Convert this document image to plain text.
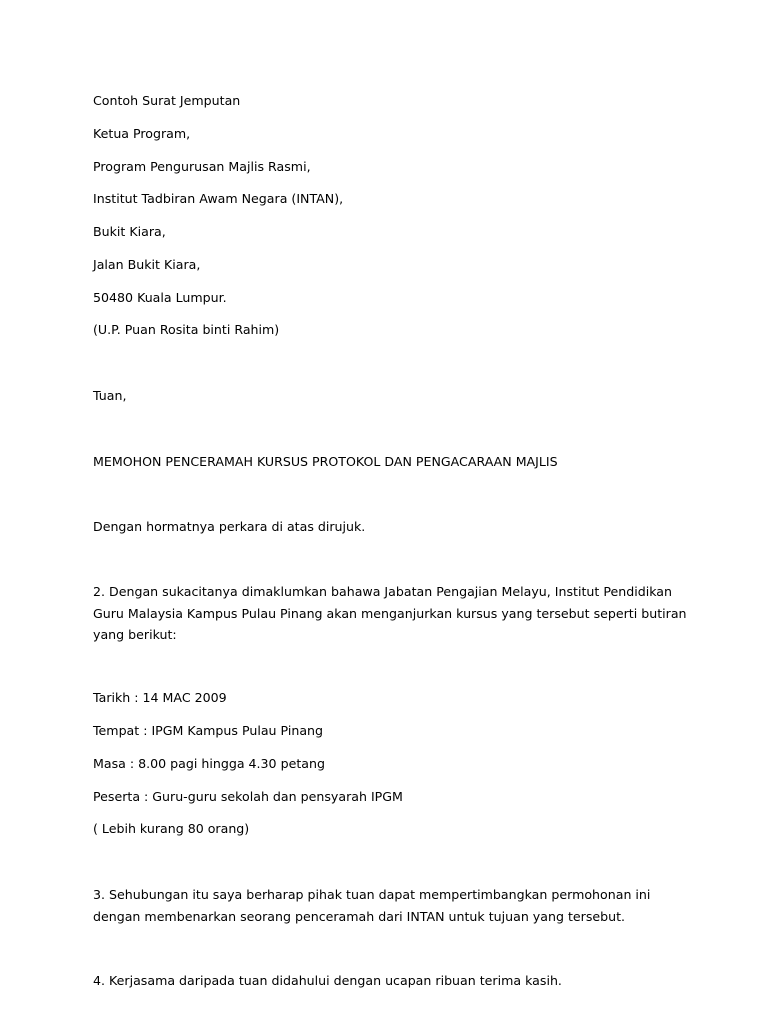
Contoh Surat Jemputan

Ketua Program,

Program Pengurusan Majlis Rasmi,

Institut Tadbiran Awam Negara (INTAN),

Bukit Kiara,

Jalan Bukit Kiara,

50480 Kuala Lumpur.

(U.P. Puan Rosita binti Rahim)

Tuan,

MEMOHON PENCERAMAH KURSUS PROTOKOL DAN PENGACARAAN MAJLIS

Dengan hormatnya perkara di atas dirujuk.

2. Dengan sukacitanya dimaklumkan bahawa Jabatan Pengajian Melayu, Institut Pendidikan Guru Malaysia Kampus Pulau Pinang akan menganjurkan kursus yang tersebut seperti butiran yang berikut:

Tarikh : 14 MAC 2009

Tempat : IPGM Kampus Pulau Pinang

Masa : 8.00 pagi hingga 4.30 petang

Peserta : Guru-guru sekolah dan pensyarah IPGM

( Lebih kurang 80 orang)

3. Sehubungan itu saya berharap pihak tuan dapat mempertimbangkan permohonan ini dengan membenarkan seorang penceramah dari INTAN untuk tujuan yang tersebut.

4. Kerjasama daripada tuan didahului dengan ucapan ribuan terima kasih.
